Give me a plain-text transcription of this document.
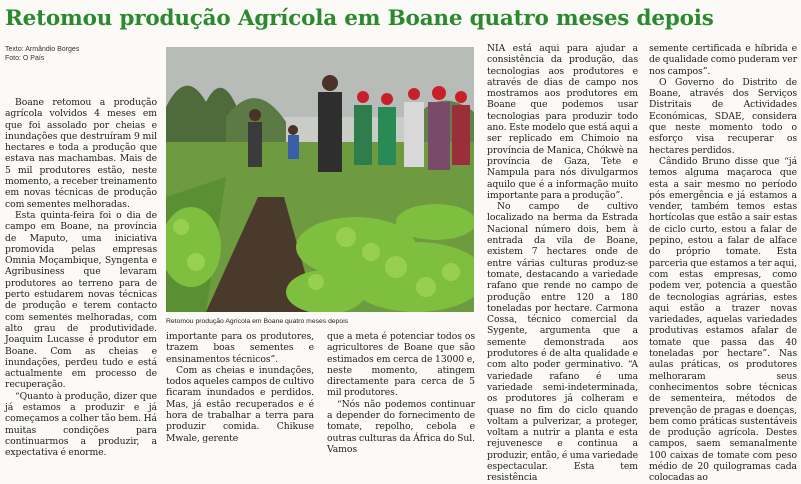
Retomou produção Agrícola em Boane quatro meses depois
Texto: Armândio Borges
Foto: O País

Boane retomou a produção agrícola volvidos 4 meses em que foi assolado por cheias e inundações que destruíram 9 mil hectares e toda a produção que estava nas machambas. Mais de 5 mil produtores estão, neste momento, a receber treinamento em novas técnicas de produção com sementes melhoradas.

Esta quinta-feira foi o dia de campo em Boane, na província de Maputo, uma iniciativa promovida pelas empresas Omnia Moçambique, Syngenta e Agribusiness que levaram produtores ao terreno para de perto estudarem novas técnicas de produção e terem contacto com sementes melhoradas, com alto grau de produtividade. Joaquim Lucasse é produtor em Boane. Com as cheias e inundações, perdeu tudo e está actualmente em processo de recuperação.

“Quanto à produção, dizer que já estamos a produzir e já começamos a colher tão bem. Há muitas condições para continuarmos a produzir, a expectativa é enorme.

Retomou produção Agrícola em Boane quatro meses depois

importante para os produtores, trazem boas sementes e ensinamentos técnicos”.

Com as cheias e inundações, todos aqueles campos de cultivo ficaram inundados e perdidos. Mas, já estão recuperados e é hora de trabalhar a terra para produzir comida. Chikuse Mwale, gerente

que a meta é potenciar todos os agricultores de Boane que são estimados em cerca de 13000 e, neste momento, atingem directamente para cerca de 5 mil produtores.

“Nós não podemos continuar a depender do fornecimento de tomate, repolho, cebola e outras culturas da África do Sul. Vamos

NIA está aqui para ajudar a consistência da produção, das tecnologias aos produtores e através de dias de campo nos mostramos aos produtores em Boane que podemos usar tecnologias para produzir todo ano. Este modelo que está aqui a ser replicado em Chimoio na província de Manica, Chókwè na província de Gaza, Tete e Nampula para nós divulgarmos aquilo que é a informação muito importante para a produção”.

No campo de cultivo localizado na berma da Estrada Nacional número dois, bem à entrada da vila de Boane, existem 7 hectares onde de entre várias culturas produz-se tomate, destacando a variedade rafano que rende no campo de produção entre 120 a 180 toneladas por hectare. Carmona Cossa, técnico comercial da Sygente, argumenta que a semente demonstrada aos produtores é de alta qualidade e com alto poder germinativo. “A variedade rafano é uma variedade semi-indeterminada, os produtores já colheram e quase no fim do ciclo quando voltam a pulverizar, a proteger, voltam a nutrir a planta e esta rejuvenesce e continua a produzir, então, é uma variedade espectacular. Esta tem resistência

semente certificada e híbrida e de qualidade como puderam ver nos campos”.

O Governo do Distrito de Boane, através dos Serviços Distritais de Actividades Económicas, SDAE, considera que neste momento todo o esforço visa recuperar os hectares perdidos.

Cândido Bruno disse que “já temos alguma maçaroca que esta a sair mesmo no período pós emergência e já estamos a vender, também temos estas hortícolas que estão a sair estas de ciclo curto, estou a falar de pepino, estou a falar de alface do próprio tomate. Esta parceria que estamos a ter aqui, com estas empresas, como podem ver, potencia a questão de tecnologias agrárias, estes aqui estão a trazer novas variedades, aquelas variedades produtivas estamos afalar de tomate que passa das 40 toneladas por hectare”. Nas aulas práticas, os produtores melhoraram seus conhecimentos sobre técnicas de sementeira, métodos de prevenção de pragas e doenças, bem como práticas sustentáveis de produção agrícola. Destes campos, saem semanalmente 100 caixas de tomate com peso médio de 20 quilogramas cada colocadas ao
